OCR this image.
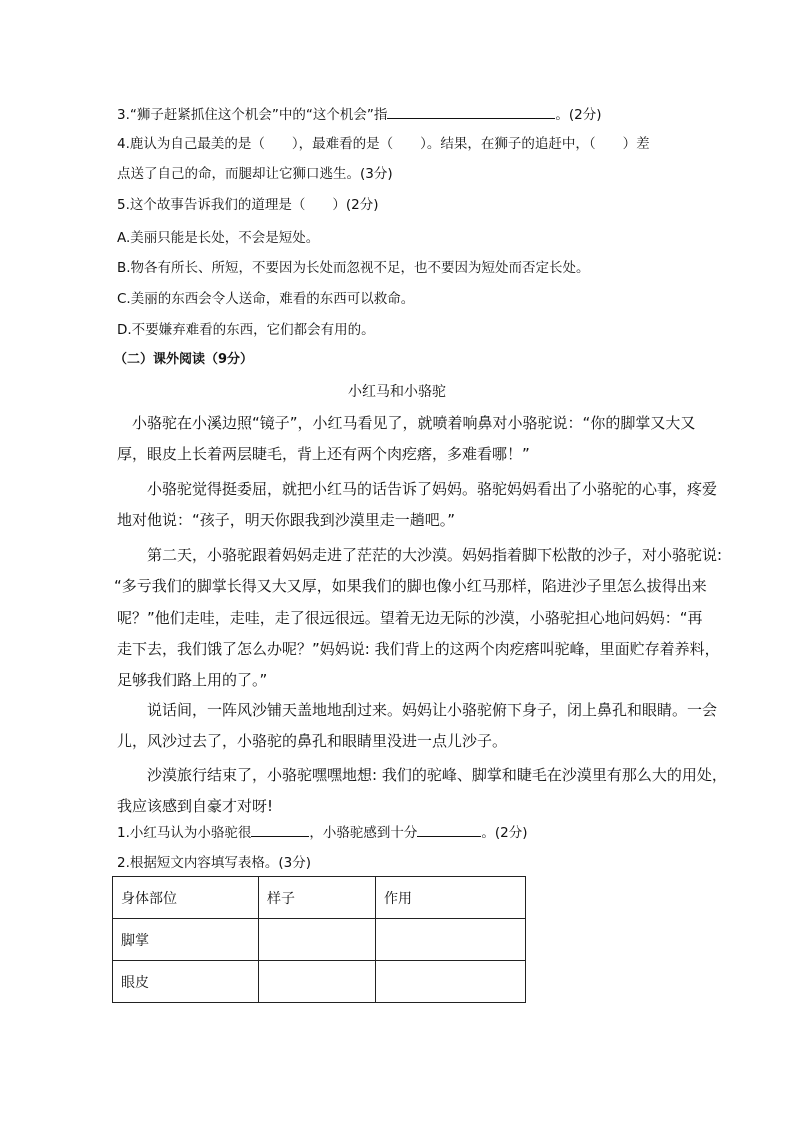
3.“狮子赶紧抓住这个机会”中的“这个机会”指	。(2分)
4.鹿认为自己最美的是（　　），最难看的是（　　）。结果，在狮子的追赶中，（　　）差
点送了自己的命，而腿却让它狮口逃生。(3分)
5.这个故事告诉我们的道理是（　　）(2分)
A.美丽只能是长处，不会是短处。
B.物各有所长、所短，不要因为长处而忽视不足，也不要因为短处而否定长处。
C.美丽的东西会令人送命，难看的东西可以救命。
D.不要嫌弃难看的东西，它们都会有用的。
（二）课外阅读（9分）
小红马和小骆驼
　小骆驼在小溪边照“镜子”，小红马看见了，就喷着响鼻对小骆驼说：“你的脚掌又大又
厚，眼皮上长着两层睫毛，背上还有两个肉疙瘩，多难看哪！”
　　小骆驼觉得挺委屈，就把小红马的话告诉了妈妈。骆驼妈妈看出了小骆驼的心事，疼爱
地对他说：“孩子，明天你跟我到沙漠里走一趟吧。”
　　第二天，小骆驼跟着妈妈走进了茫茫的大沙漠。妈妈指着脚下松散的沙子，对小骆驼说:
“多亏我们的脚掌长得又大又厚，如果我们的脚也像小红马那样，陷进沙子里怎么拔得出来
呢？”他们走哇，走哇，走了很远很远。望着无边无际的沙漠，小骆驼担心地问妈妈：“再
走下去，我们饿了怎么办呢？”妈妈说: 我们背上的这两个肉疙瘩叫驼峰，里面贮存着养料，
足够我们路上用的了。”
　　说话间，一阵风沙铺天盖地地刮过来。妈妈让小骆驼俯下身子，闭上鼻孔和眼睛。一会
儿，风沙过去了，小骆驼的鼻孔和眼睛里没进一点儿沙子。
　　沙漠旅行结束了，小骆驼嘿嘿地想: 我们的驼峰、脚掌和睫毛在沙漠里有那么大的用处，
我应该感到自豪才对呀!
1.小红马认为小骆驼很	，小骆驼感到十分	。(2分)
2.根据短文内容填写表格。(3分)
身体部位	样子	作用
脚掌		
眼皮		
